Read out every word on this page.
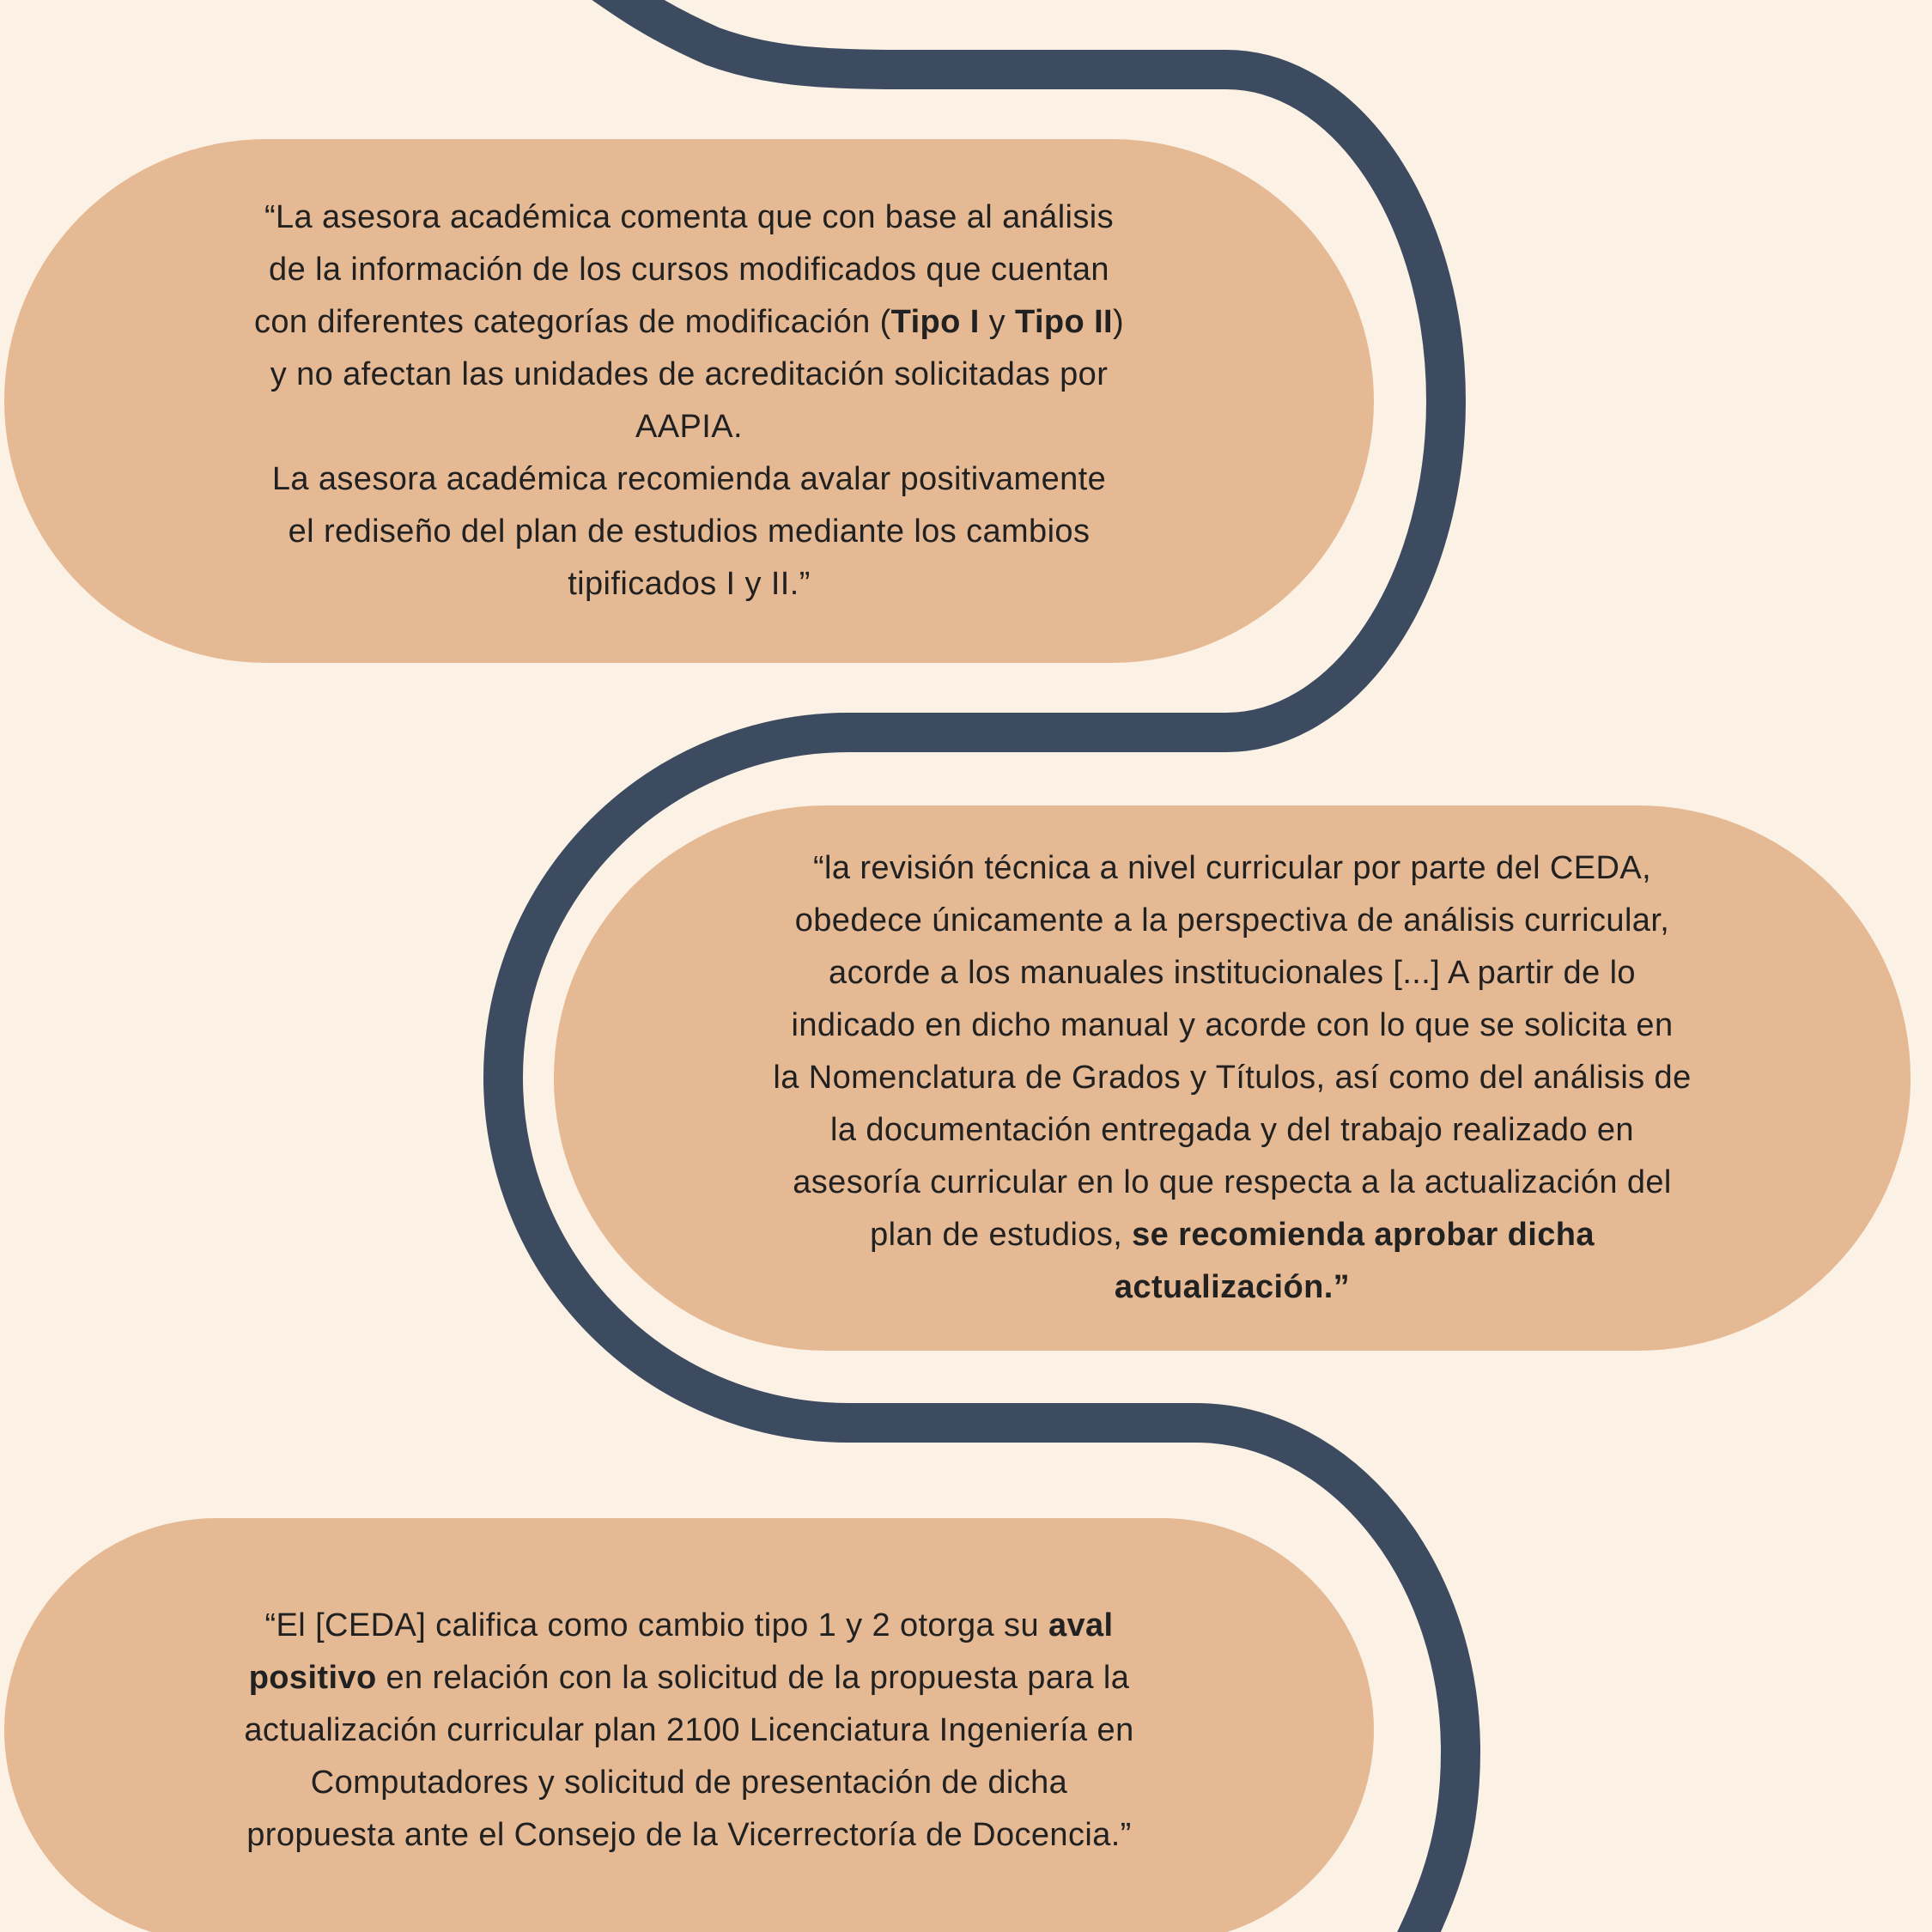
“La asesora académica comenta que con base al análisis
de la información de los cursos modificados que cuentan
con diferentes categorías de modificación (Tipo I y Tipo II)
y no afectan las unidades de acreditación solicitadas por
AAPIA.
La asesora académica recomienda avalar positivamente
el rediseño del plan de estudios mediante los cambios
tipificados I y II.”
“la revisión técnica a nivel curricular por parte del CEDA,
obedece únicamente a la perspectiva de análisis curricular,
acorde a los manuales institucionales [...] A partir de lo
indicado en dicho manual y acorde con lo que se solicita en
la Nomenclatura de Grados y Títulos, así como del análisis de
la documentación entregada y del trabajo realizado en
asesoría curricular en lo que respecta a la actualización del
plan de estudios, se recomienda aprobar dicha
actualización.”
“El [CEDA] califica como cambio tipo 1 y 2 otorga su aval
positivo en relación con la solicitud de la propuesta para la
actualización curricular plan 2100 Licenciatura Ingeniería en
Computadores y solicitud de presentación de dicha
propuesta ante el Consejo de la Vicerrectoría de Docencia.”
